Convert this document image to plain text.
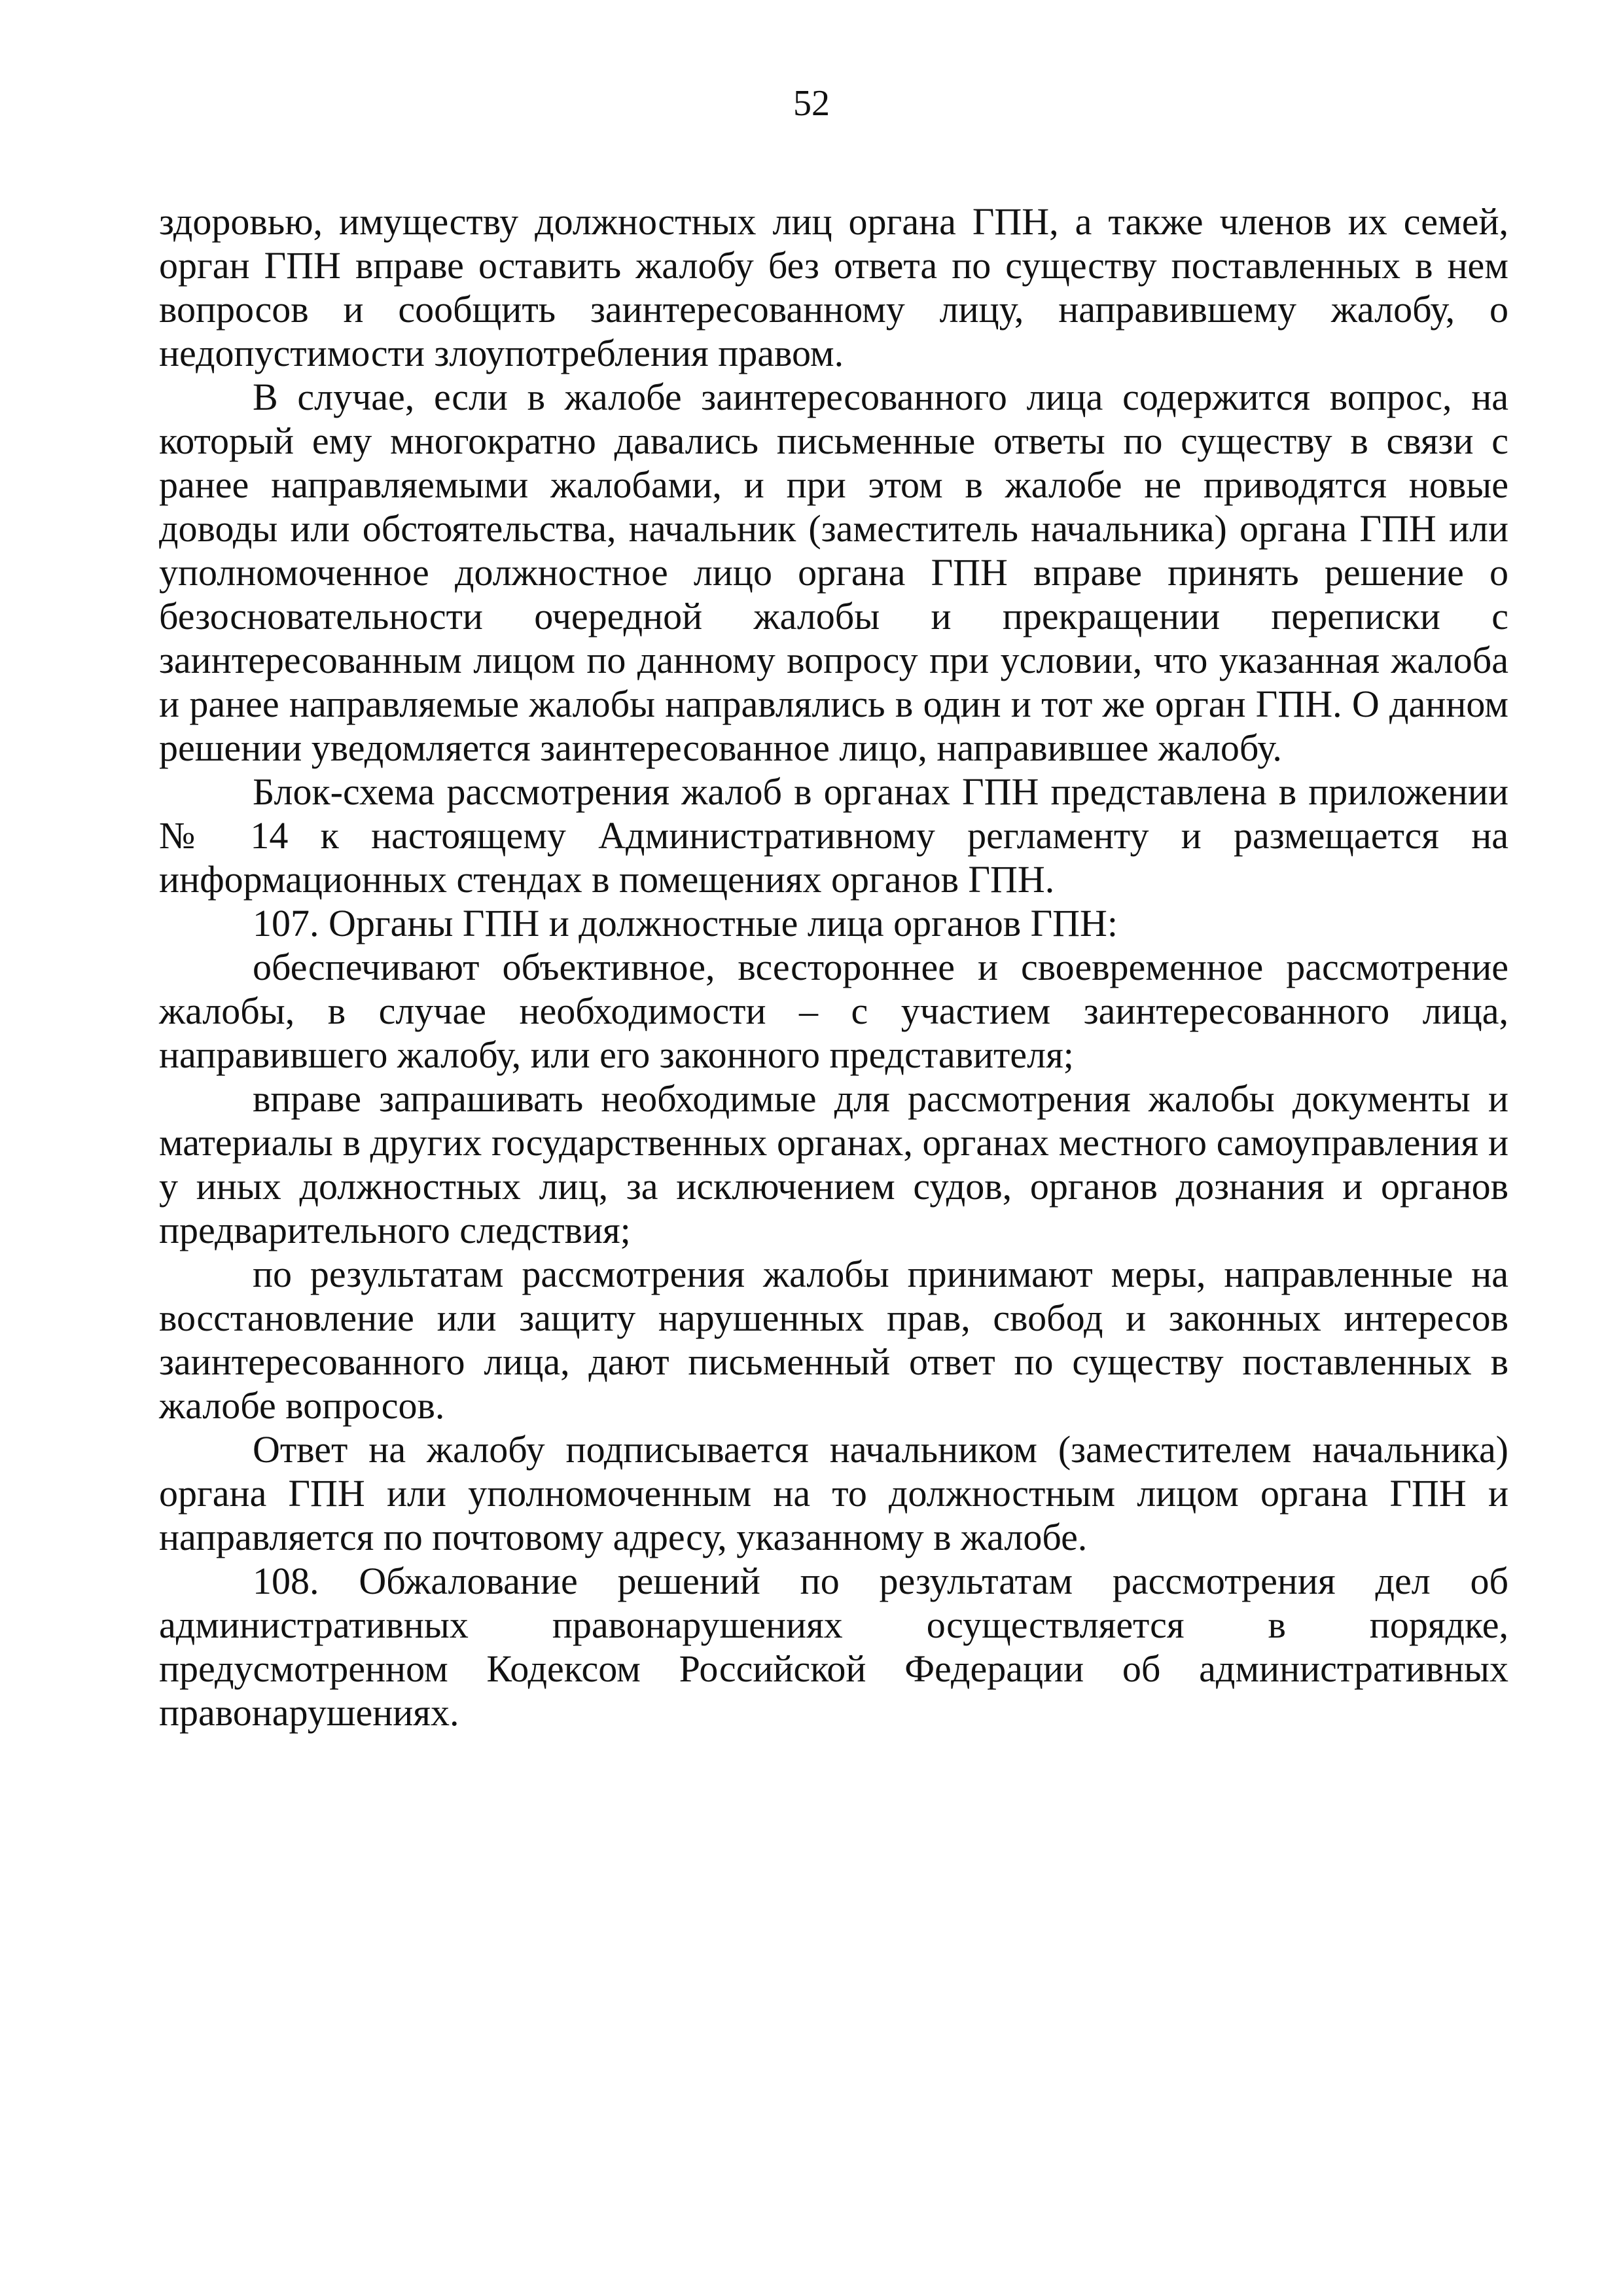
52

здоровью, имуществу должностных лиц органа ГПН, а также членов их семей, орган ГПН вправе оставить жалобу без ответа по существу поставленных в нем вопросов и сообщить заинтересованному лицу, направившему жалобу, о недопустимости злоупотребления правом.

В случае, если в жалобе заинтересованного лица содержится вопрос, на который ему многократно давались письменные ответы по существу в связи с ранее направляемыми жалобами, и при этом в жалобе не приводятся новые доводы или обстоятельства, начальник (заместитель начальника) органа ГПН или уполномоченное должностное лицо органа ГПН вправе принять решение о безосновательности очередной жалобы и прекращении переписки с заинтересованным лицом по данному вопросу при условии, что указанная жалоба и ранее направляемые жалобы направлялись в один и тот же орган ГПН. О данном решении уведомляется заинтересованное лицо, направившее жалобу.

Блок-схема рассмотрения жалоб в органах ГПН представлена в приложении № 14 к настоящему Административному регламенту и размещается на информационных стендах в помещениях органов ГПН.

107. Органы ГПН и должностные лица органов ГПН:

обеспечивают объективное, всестороннее и своевременное рассмотрение жалобы, в случае необходимости – с участием заинтересованного лица, направившего жалобу, или его законного представителя;

вправе запрашивать необходимые для рассмотрения жалобы документы и материалы в других государственных органах, органах местного самоуправления и у иных должностных лиц, за исключением судов, органов дознания и органов предварительного следствия;

по результатам рассмотрения жалобы принимают меры, направленные на восстановление или защиту нарушенных прав, свобод и законных интересов заинтересованного лица, дают письменный ответ по существу поставленных в жалобе вопросов.

Ответ на жалобу подписывается начальником (заместителем начальника) органа ГПН или уполномоченным на то должностным лицом органа ГПН и направляется по почтовому адресу, указанному в жалобе.

108. Обжалование решений по результатам рассмотрения дел об административных правонарушениях осуществляется в порядке, предусмотренном Кодексом Российской Федерации об административных правонарушениях.
